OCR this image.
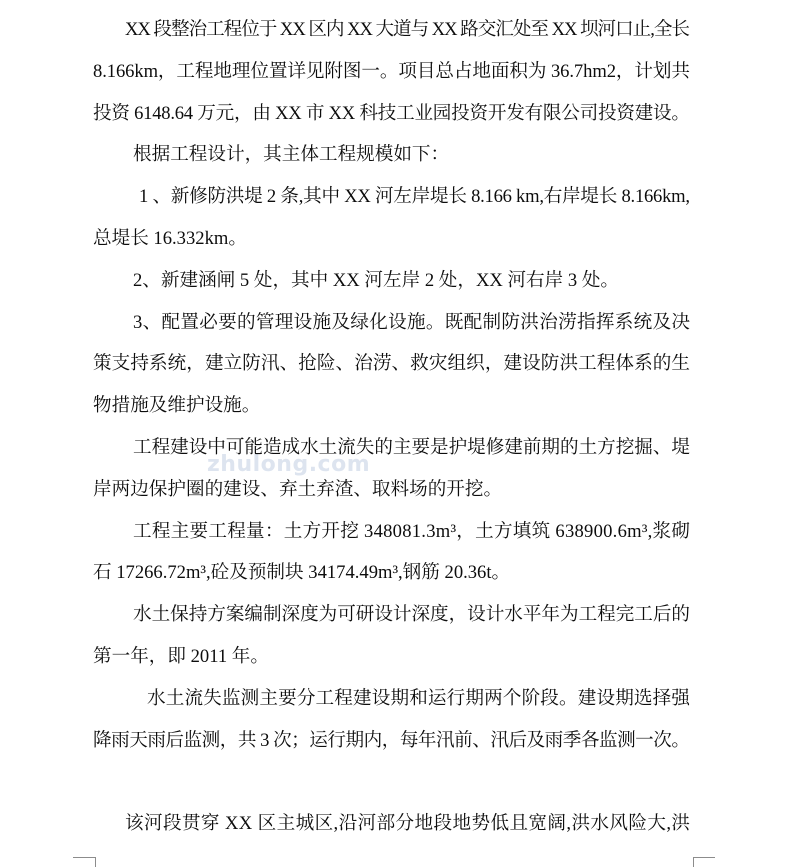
zhulong.com
XX 段整治工程位于 XX 区内 XX 大道与 XX 路交汇处至 XX 坝河口止,全长
8.166km，工程地理位置详见附图一。项目总占地面积为 36.7hm2，计划共
投资 6148.64 万元，由 XX 市 XX 科技工业园投资开发有限公司投资建设。
根据工程设计，其主体工程规模如下：
1 、新修防洪堤 2 条,其中 XX 河左岸堤长 8.166 km,右岸堤长 8.166km,
总堤长 16.332km。
2、新建涵闸 5 处，其中 XX 河左岸 2 处，XX 河右岸 3 处。
3、配置必要的管理设施及绿化设施。既配制防洪治涝指挥系统及决
策支持系统，建立防汛、抢险、治涝、救灾组织，建设防洪工程体系的生
物措施及维护设施。
工程建设中可能造成水土流失的主要是护堤修建前期的土方挖掘、堤
岸两边保护圈的建设、弃土弃渣、取料场的开挖。
工程主要工程量：土方开挖 348081.3m³，土方填筑 638900.6m³,浆砌
石 17266.72m³,砼及预制块 34174.49m³,钢筋 20.36t。
水土保持方案编制深度为可研设计深度，设计水平年为工程完工后的
第一年，即 2011 年。
水土流失监测主要分工程建设期和运行期两个阶段。建设期选择强
降雨天雨后监测，共 3 次；运行期内，每年汛前、汛后及雨季各监测一次。
该河段贯穿 XX 区主城区,沿河部分地段地势低且宽阔,洪水风险大,洪
